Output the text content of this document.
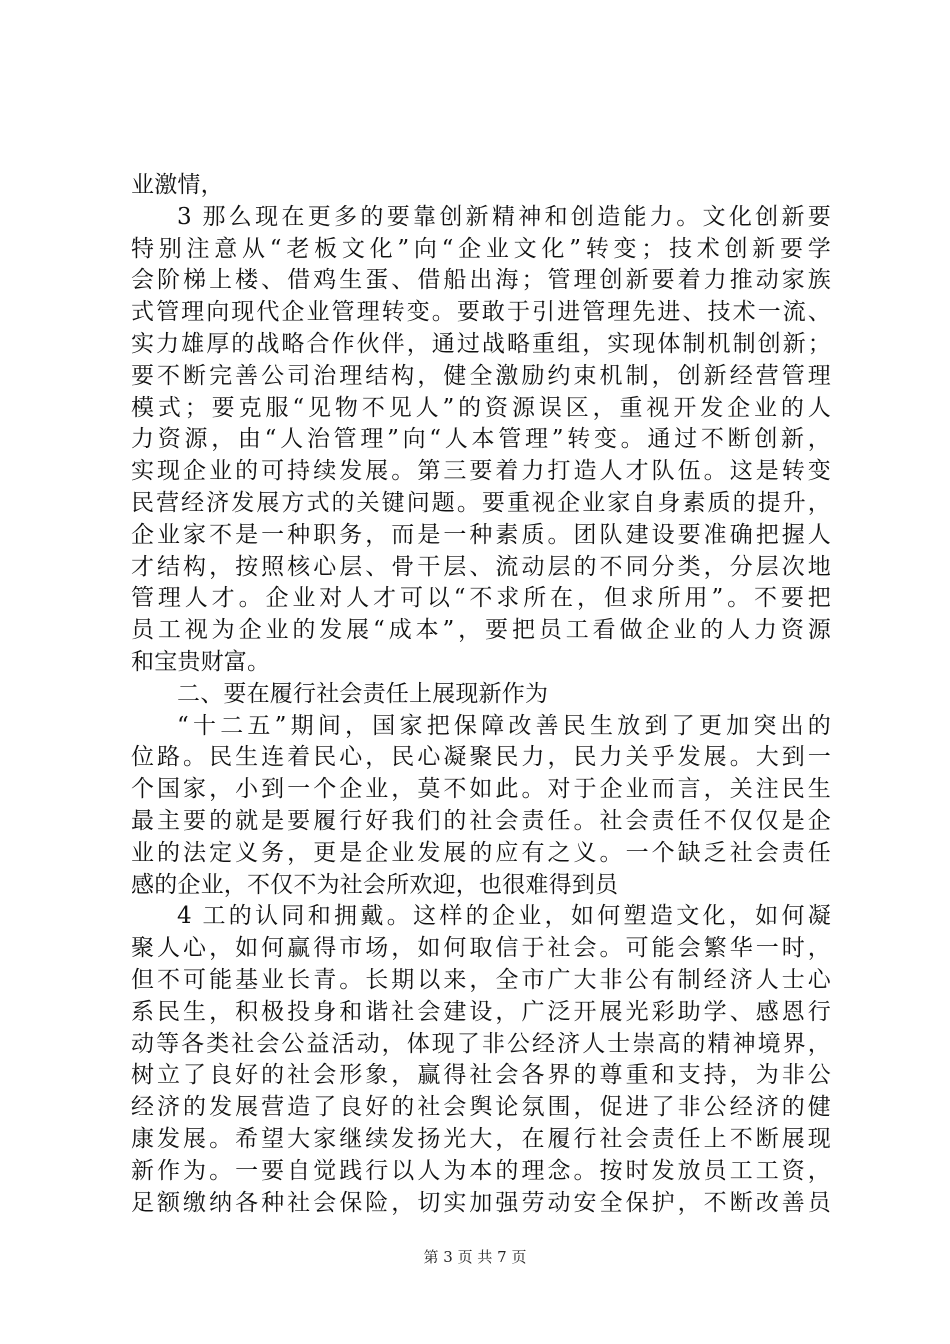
业激情，
3 那么现在更多的要靠创新精神和创造能力。文化创新要
特别注意从“老板文化”向“企业文化”转变；技术创新要学
会阶梯上楼、借鸡生蛋、借船出海；管理创新要着力推动家族
式管理向现代企业管理转变。要敢于引进管理先进、技术一流、
实力雄厚的战略合作伙伴，通过战略重组，实现体制机制创新；
要不断完善公司治理结构，健全激励约束机制，创新经营管理
模式；要克服“见物不见人”的资源误区，重视开发企业的人
力资源，由“人治管理”向“人本管理”转变。通过不断创新，
实现企业的可持续发展。第三要着力打造人才队伍。这是转变
民营经济发展方式的关键问题。要重视企业家自身素质的提升，
企业家不是一种职务，而是一种素质。团队建设要准确把握人
才结构，按照核心层、骨干层、流动层的不同分类，分层次地
管理人才。企业对人才可以“不求所在，但求所用”。不要把
员工视为企业的发展“成本”，要把员工看做企业的人力资源
和宝贵财富。
二、要在履行社会责任上展现新作为
“十二五”期间，国家把保障改善民生放到了更加突出的
位路。民生连着民心，民心凝聚民力，民力关乎发展。大到一
个国家，小到一个企业，莫不如此。对于企业而言，关注民生
最主要的就是要履行好我们的社会责任。社会责任不仅仅是企
业的法定义务，更是企业发展的应有之义。一个缺乏社会责任
感的企业，不仅不为社会所欢迎，也很难得到员
4 工的认同和拥戴。这样的企业，如何塑造文化，如何凝
聚人心，如何赢得市场，如何取信于社会。可能会繁华一时，
但不可能基业长青。长期以来，全市广大非公有制经济人士心
系民生，积极投身和谐社会建设，广泛开展光彩助学、感恩行
动等各类社会公益活动，体现了非公经济人士崇高的精神境界，
树立了良好的社会形象，赢得社会各界的尊重和支持，为非公
经济的发展营造了良好的社会舆论氛围，促进了非公经济的健
康发展。希望大家继续发扬光大，在履行社会责任上不断展现
新作为。一要自觉践行以人为本的理念。按时发放员工工资，
足额缴纳各种社会保险，切实加强劳动安全保护，不断改善员
第 3 页 共 7 页
